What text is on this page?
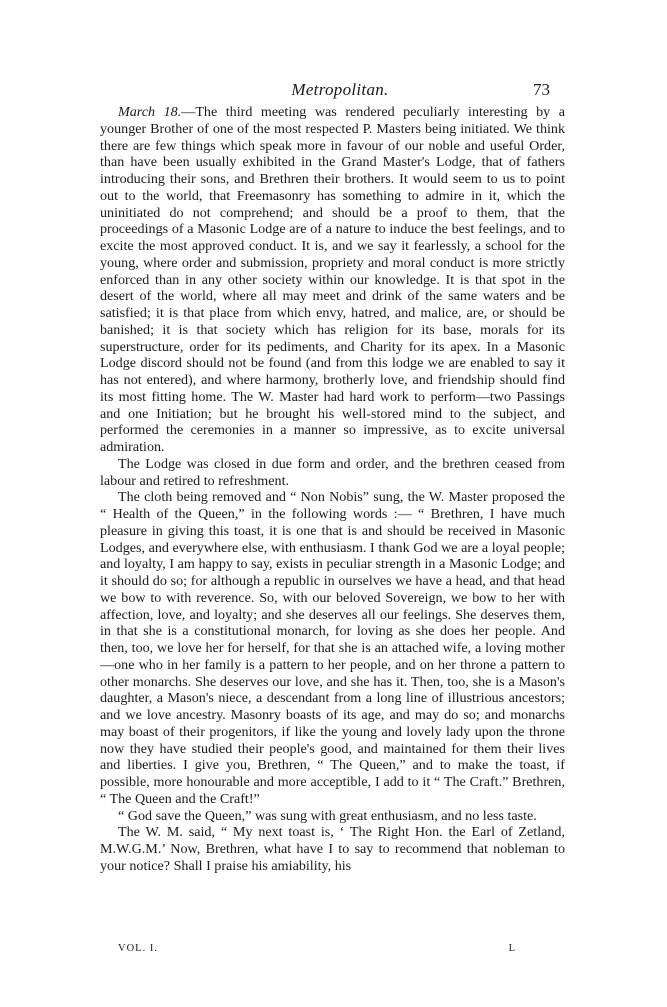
Metropolitan.	73

March 18.—The third meeting was rendered peculiarly interesting by a younger Brother of one of the most respected P. Masters being initiated. We think there are few things which speak more in favour of our noble and useful Order, than have been usually exhibited in the Grand Master's Lodge, that of fathers introducing their sons, and Brethren their brothers. It would seem to us to point out to the world, that Freemasonry has something to admire in it, which the uninitiated do not comprehend; and should be a proof to them, that the proceedings of a Masonic Lodge are of a nature to induce the best feelings, and to excite the most approved conduct. It is, and we say it fearlessly, a school for the young, where order and submission, propriety and moral conduct is more strictly enforced than in any other society within our knowledge. It is that spot in the desert of the world, where all may meet and drink of the same waters and be satisfied; it is that place from which envy, hatred, and malice, are, or should be banished; it is that society which has religion for its base, morals for its superstructure, order for its pediments, and Charity for its apex. In a Masonic Lodge discord should not be found (and from this lodge we are enabled to say it has not entered), and where harmony, brotherly love, and friendship should find its most fitting home. The W. Master had hard work to perform—two Passings and one Initiation; but he brought his well-stored mind to the subject, and performed the ceremonies in a manner so impressive, as to excite universal admiration.

The Lodge was closed in due form and order, and the brethren ceased from labour and retired to refreshment.

The cloth being removed and “ Non Nobis” sung, the W. Master proposed the “ Health of the Queen,” in the following words :— “ Brethren, I have much pleasure in giving this toast, it is one that is and should be received in Masonic Lodges, and everywhere else, with enthusiasm. I thank God we are a loyal people; and loyalty, I am happy to say, exists in peculiar strength in a Masonic Lodge; and it should do so; for although a republic in ourselves we have a head, and that head we bow to with reverence. So, with our beloved Sovereign, we bow to her with affection, love, and loyalty; and she deserves all our feelings. She deserves them, in that she is a constitutional monarch, for loving as she does her people. And then, too, we love her for herself, for that she is an attached wife, a loving mother—one who in her family is a pattern to her people, and on her throne a pattern to other monarchs. She deserves our love, and she has it. Then, too, she is a Mason's daughter, a Mason's niece, a descendant from a long line of illustrious ancestors; and we love ancestry. Masonry boasts of its age, and may do so; and monarchs may boast of their progenitors, if like the young and lovely lady upon the throne now they have studied their people's good, and maintained for them their lives and liberties. I give you, Brethren, “ The Queen,” and to make the toast, if possible, more honourable and more acceptible, I add to it “ The Craft.” Brethren, “ The Queen and the Craft!”

“ God save the Queen,” was sung with great enthusiasm, and no less taste.

The W. M. said, “ My next toast is, ‘ The Right Hon. the Earl of Zetland, M.W.G.M.’ Now, Brethren, what have I to say to recommend that nobleman to your notice? Shall I praise his amiability, his

VOL. I.	L
